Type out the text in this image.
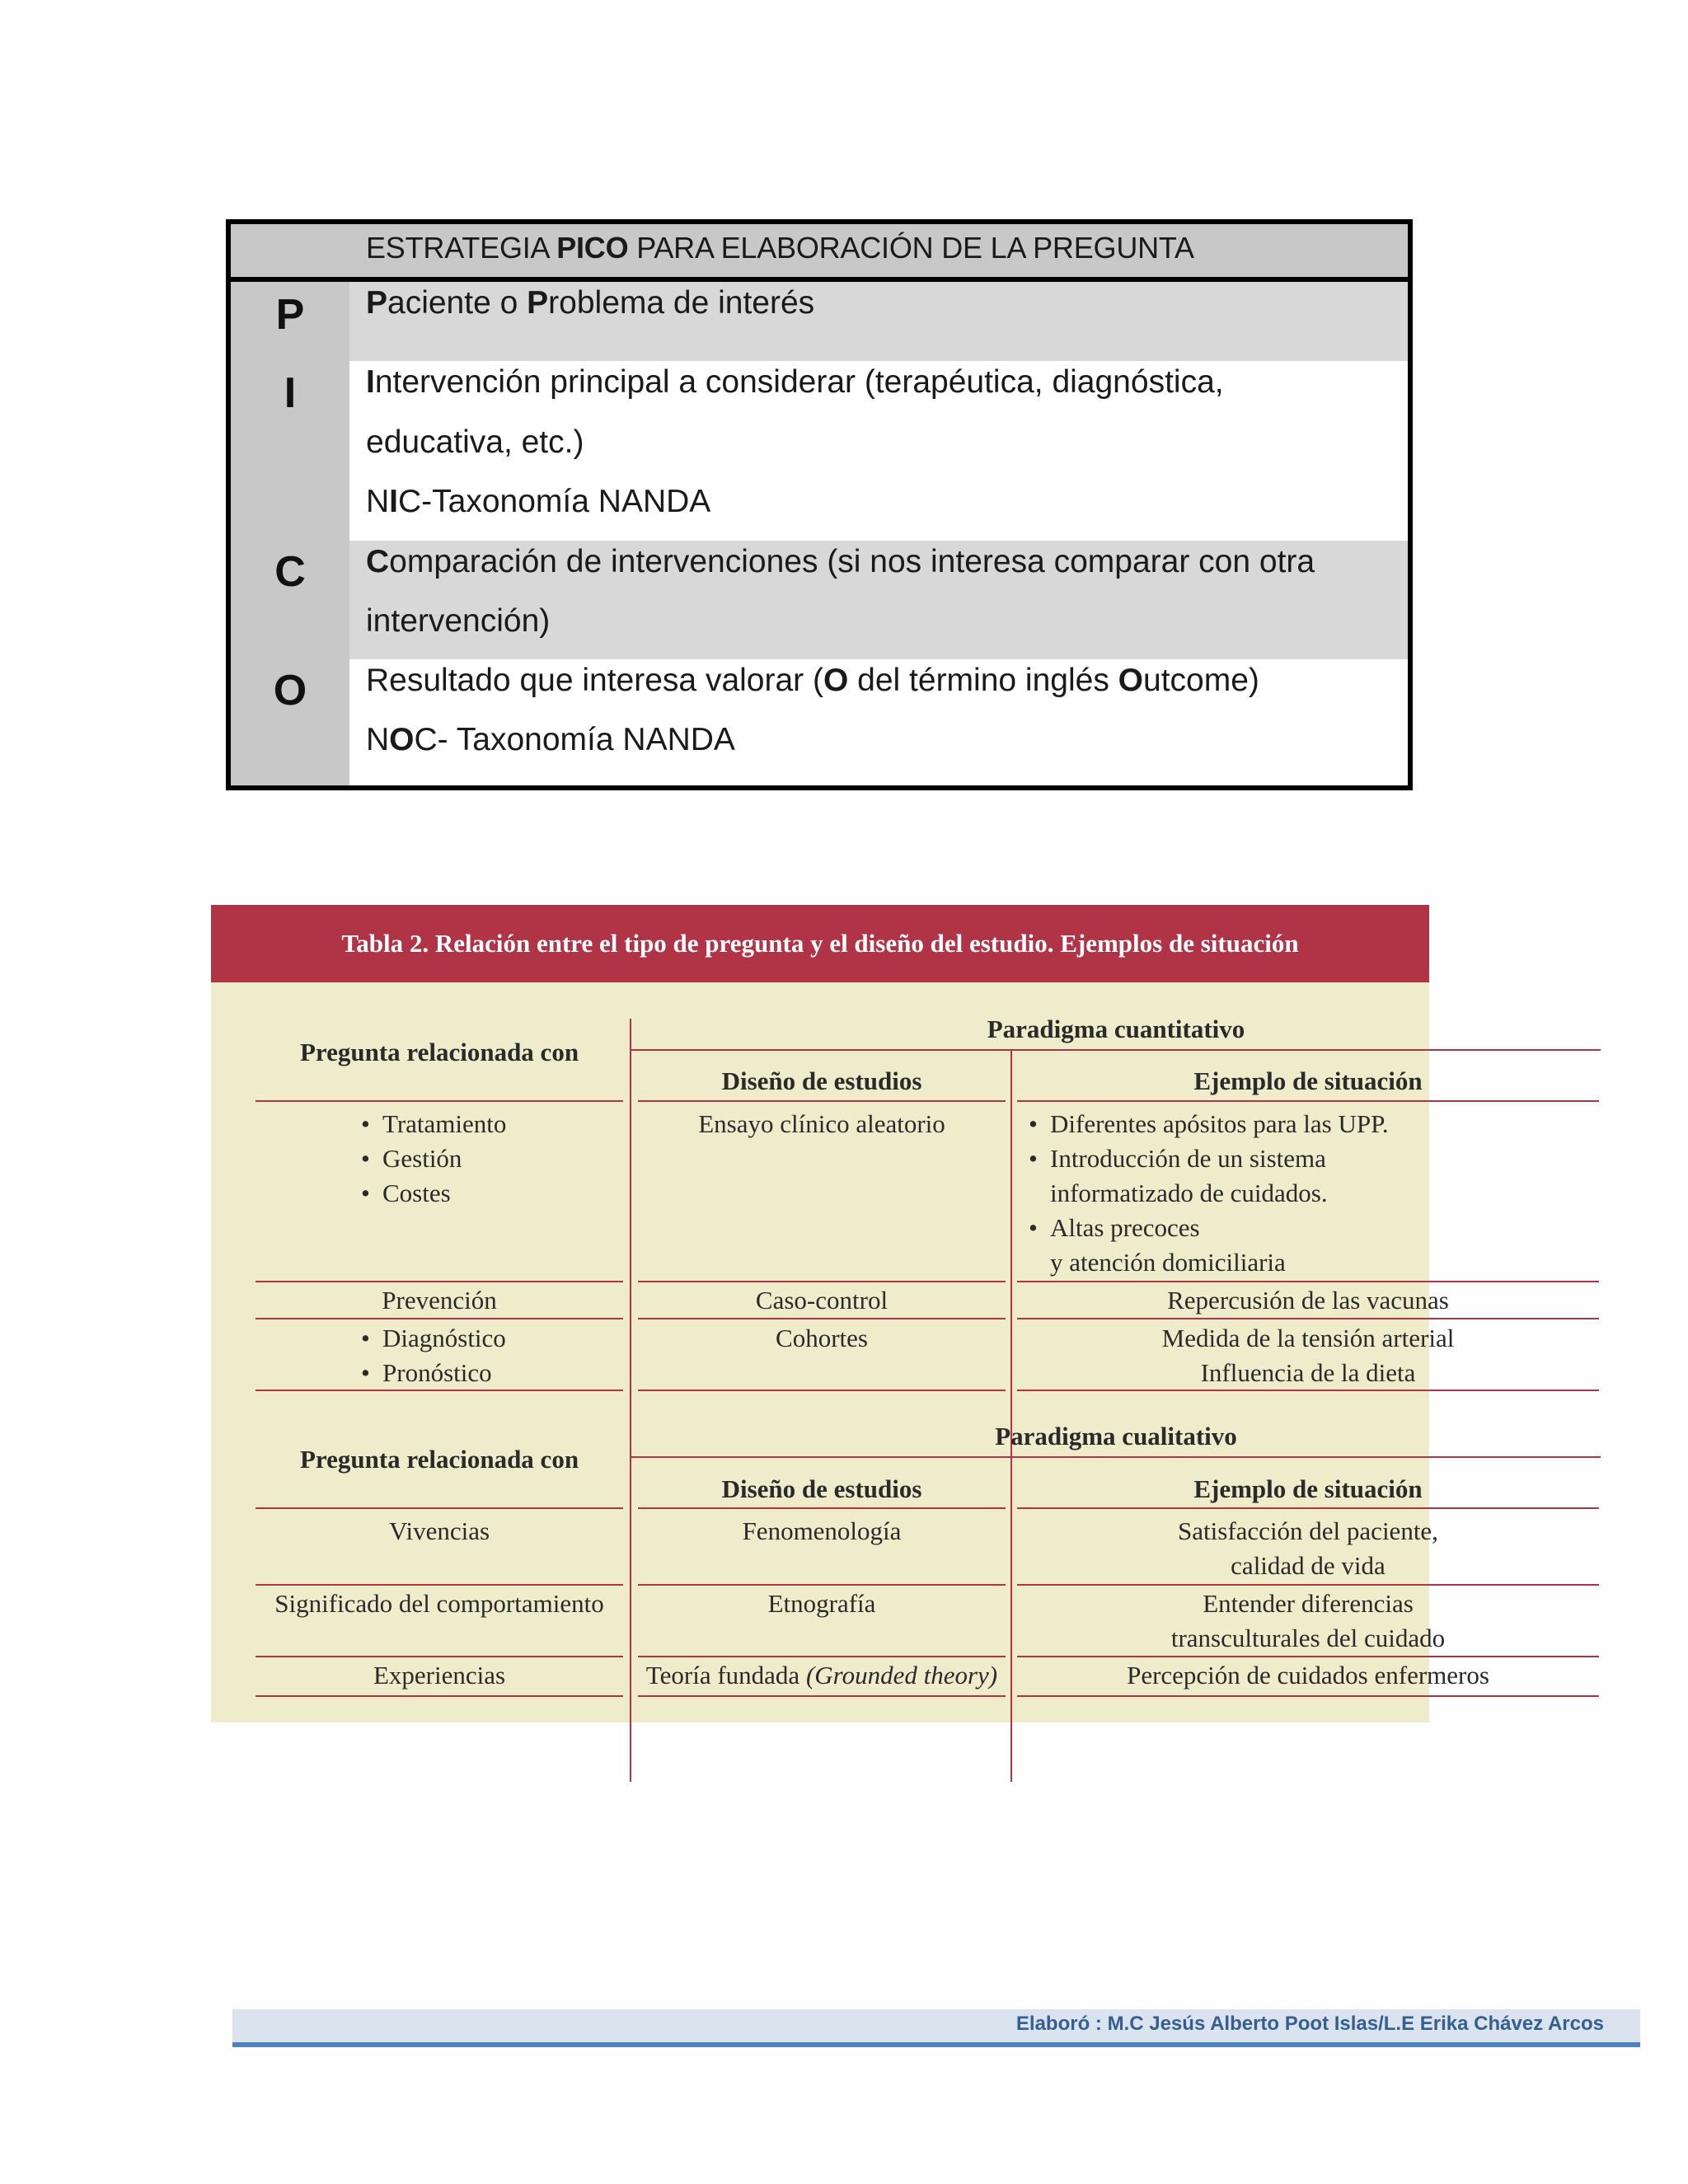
ESTRATEGIA PICO PARA ELABORACIÓN DE LA PREGUNTA
P
I
C
O
Paciente o Problema de interés
Intervención principal a considerar (terapéutica, diagnóstica,
educativa, etc.)
NIC-Taxonomía NANDA
Comparación de intervenciones (si nos interesa comparar con otra
intervención)
Resultado que interesa valorar (O del término inglés Outcome)
NOC- Taxonomía NANDA
Tabla 2. Relación entre el tipo de pregunta y el diseño del estudio. Ejemplos de situación
Pregunta relacionada con
Paradigma cuantitativo
Diseño de estudios	Ejemplo de situación
• Tratamiento
• Gestión
• Costes
Ensayo clínico aleatorio
•	Diferentes apósitos para las UPP.
• Introducción de un sistema
informatizado de cuidados.
• Altas precoces
y atención domiciliaria
Prevención	Caso-control	Repercusión de las vacunas
• Diagnóstico
• Pronóstico
Cohortes	Medida de la tensión arterial
Influencia de la dieta
Pregunta relacionada con
Paradigma cualitativo
Diseño de estudios	Ejemplo de situación
Vivencias	Fenomenología	Satisfacción del paciente,
calidad de vida
Significado del comportamiento	Etnografía	Entender diferencias
transculturales del cuidado
Experiencias	Teoría fundada (Grounded theory)	Percepción de cuidados enfermeros
Elaboró : M.C Jesús Alberto Poot Islas/L.E Erika Chávez Arcos
